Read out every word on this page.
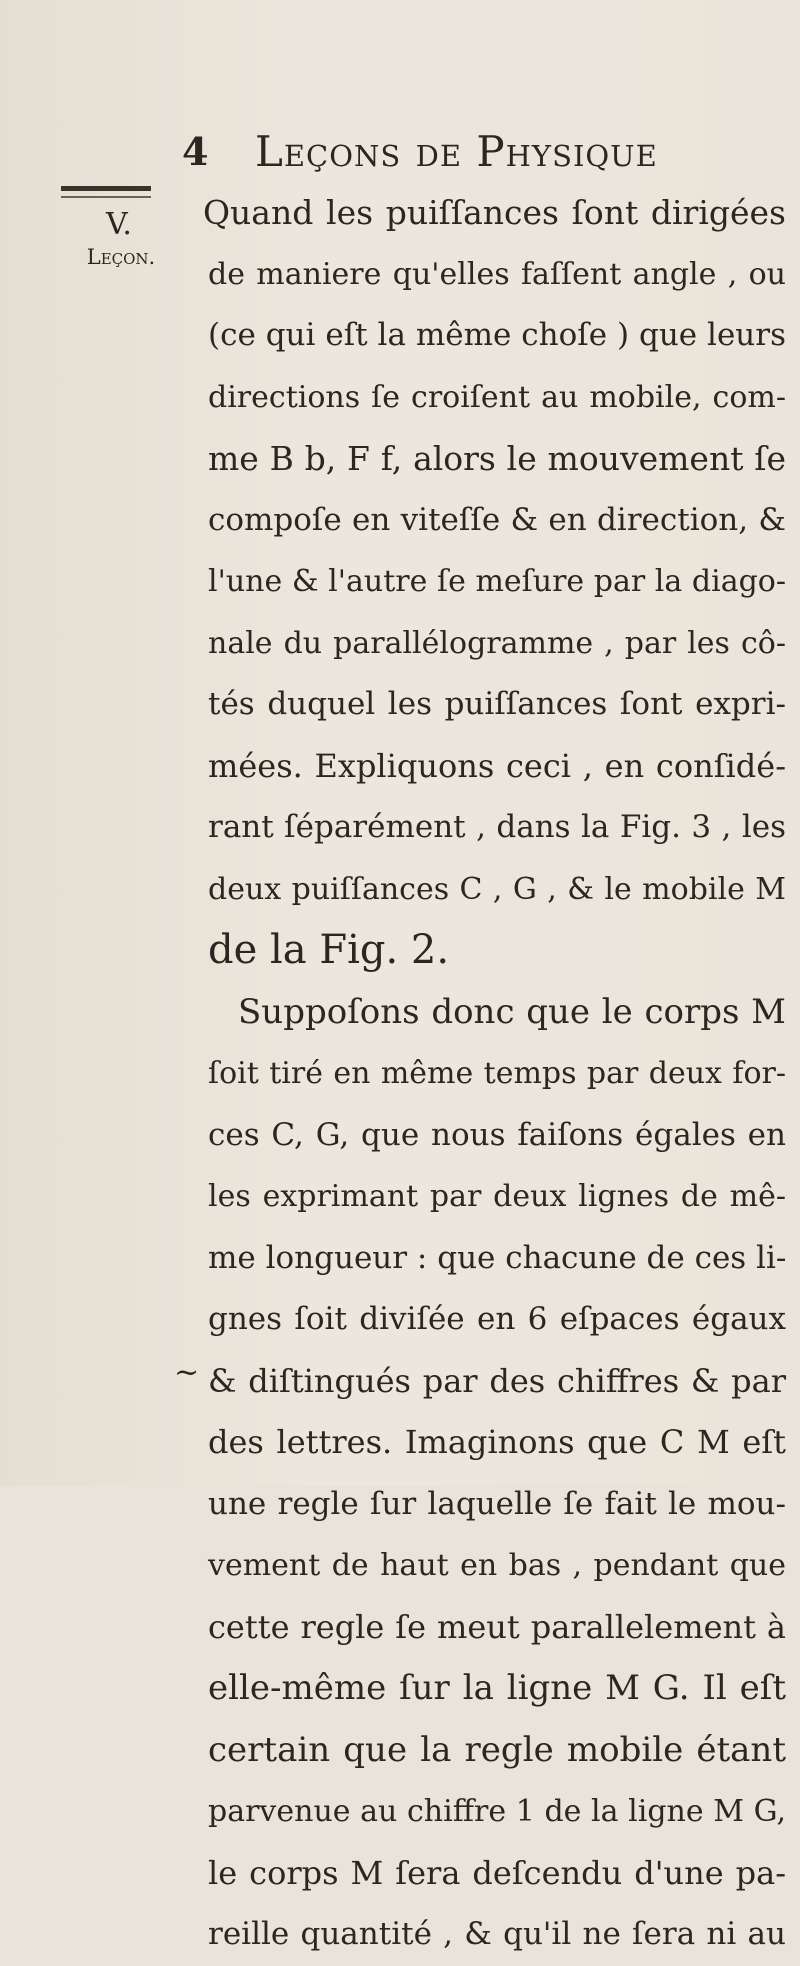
4 Leçons de Physique
V.
Leçon.
~
Quand les puiſſances ſont dirigées
de maniere qu'elles faſſent angle , ou
(ce qui eſt la même choſe ) que leurs
directions ſe croiſent au mobile, com-
me B b, F f, alors le mouvement ſe
compoſe en viteſſe & en direction, &
l'une & l'autre ſe meſure par la diago-
nale du parallélogramme , par les cô-
tés duquel les puiſſances ſont expri-
mées. Expliquons ceci , en conſidé-
rant ſéparément , dans la Fig. 3 , les
deux puiſſances C , G , & le mobile M
de la Fig. 2.
Suppoſons donc que le corps M
ſoit tiré en même temps par deux for-
ces C, G, que nous faiſons égales en
les exprimant par deux lignes de mê-
me longueur : que chacune de ces li-
gnes ſoit diviſée en 6 eſpaces égaux
& diſtingués par des chiffres & par
des lettres. Imaginons que C M eſt
une regle ſur laquelle ſe fait le mou-
vement de haut en bas , pendant que
cette regle ſe meut parallelement à
elle-même ſur la ligne M G. Il eſt
certain que la regle mobile étant
parvenue au chiffre 1 de la ligne M G,
le corps M ſera deſcendu d'une pa-
reille quantité , & qu'il ne ſera ni au
